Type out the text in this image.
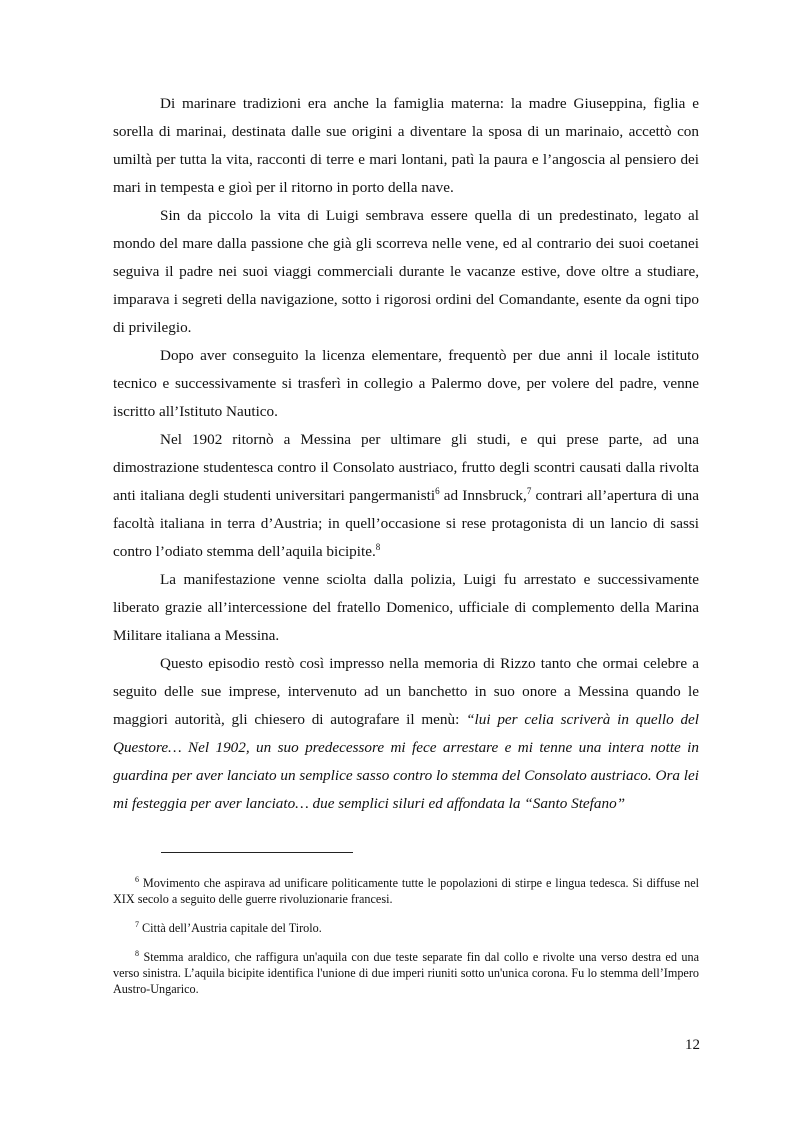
Di marinare tradizioni era anche la famiglia materna: la madre Giuseppina, figlia e sorella di marinai, destinata dalle sue origini a diventare la sposa di un marinaio, accettò con umiltà per tutta la vita, racconti di terre e mari lontani, patì la paura e l’angoscia al pensiero dei mari in tempesta e gioì per il ritorno in porto della nave.

Sin da piccolo la vita di Luigi sembrava essere quella di un predestinato, legato al mondo del mare dalla passione che già gli scorreva nelle vene, ed al contrario dei suoi coetanei seguiva il padre nei suoi viaggi commerciali durante le vacanze estive, dove oltre a studiare, imparava i segreti della navigazione, sotto i rigorosi ordini del Comandante, esente da ogni tipo di privilegio.

Dopo aver conseguito la licenza elementare, frequentò per due anni il locale istituto tecnico e successivamente si trasferì in collegio a Palermo dove, per volere del padre, venne iscritto all’Istituto Nautico.

Nel 1902 ritornò a Messina per ultimare gli studi, e qui prese parte, ad una dimostrazione studentesca contro il Consolato austriaco, frutto degli scontri causati dalla rivolta anti italiana degli studenti universitari pangermanisti$^6$ ad Innsbruck,$^7$ contrari all’apertura di una facoltà italiana in terra d’Austria; in quell’occasione si rese protagonista di un lancio di sassi contro l’odiato stemma dell’aquila bicipite.$^8$

La manifestazione venne sciolta dalla polizia, Luigi fu arrestato e successivamente liberato grazie all’intercessione del fratello Domenico, ufficiale di complemento della Marina Militare italiana a Messina.

Questo episodio restò così impresso nella memoria di Rizzo tanto che ormai celebre a seguito delle sue imprese, intervenuto ad un banchetto in suo onore a Messina quando le maggiori autorità, gli chiesero di autografare il menù: “lui per celia scriverà in quello del Questore… Nel 1902, un suo predecessore mi fece arrestare e mi tenne una intera notte in guardina per aver lanciato un semplice sasso contro lo stemma del Consolato austriaco. Ora lei mi festeggia per aver lanciato… due semplici siluri ed affondata la “Santo Stefano”

$^6$ Movimento che aspirava ad unificare politicamente tutte le popolazioni di stirpe e lingua tedesca. Si diffuse nel XIX secolo a seguito delle guerre rivoluzionarie francesi.

$^7$ Città dell’Austria capitale del Tirolo.

$^8$ Stemma araldico, che raffigura un'aquila con due teste separate fin dal collo e rivolte una verso destra ed una verso sinistra. L’aquila bicipite identifica l'unione di due imperi riuniti sotto un'unica corona. Fu lo stemma dell’Impero Austro-Ungarico.

12
